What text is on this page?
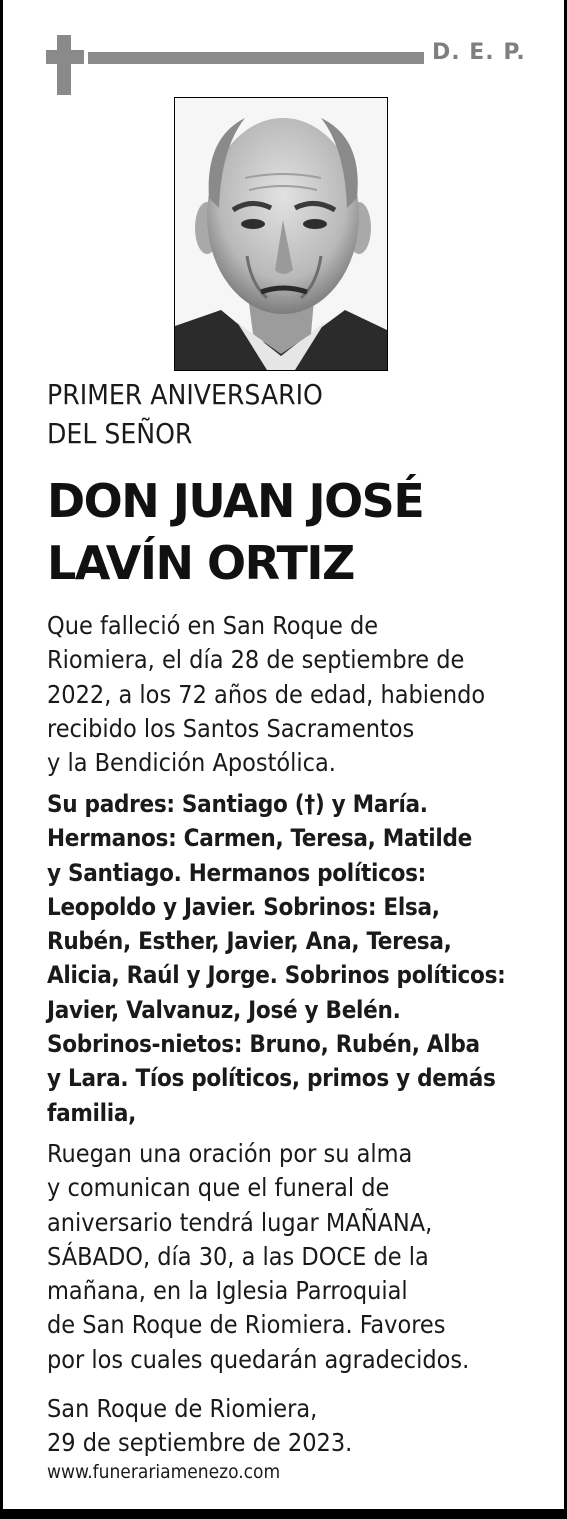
D. E. P.
PRIMER ANIVERSARIO
DEL SEÑOR
DON JUAN JOSÉ
LAVÍN ORTIZ
Que falleció en San Roque de
Riomiera, el día 28 de septiembre de
2022, a los 72 años de edad, habiendo
recibido los Santos Sacramentos
y la Bendición Apostólica.
Su padres: Santiago (†) y María.
Hermanos: Carmen, Teresa, Matilde
y Santiago. Hermanos políticos:
Leopoldo y Javier. Sobrinos: Elsa,
Rubén, Esther, Javier, Ana, Teresa,
Alicia, Raúl y Jorge. Sobrinos políticos:
Javier, Valvanuz, José y Belén.
Sobrinos-nietos: Bruno, Rubén, Alba
y Lara. Tíos políticos, primos y demás
familia,
Ruegan una oración por su alma
y comunican que el funeral de
aniversario tendrá lugar MAÑANA,
SÁBADO, día 30, a las DOCE de la
mañana, en la Iglesia Parroquial
de San Roque de Riomiera. Favores
por los cuales quedarán agradecidos.
San Roque de Riomiera,
29 de septiembre de 2023.
www.funerariamenezo.com
